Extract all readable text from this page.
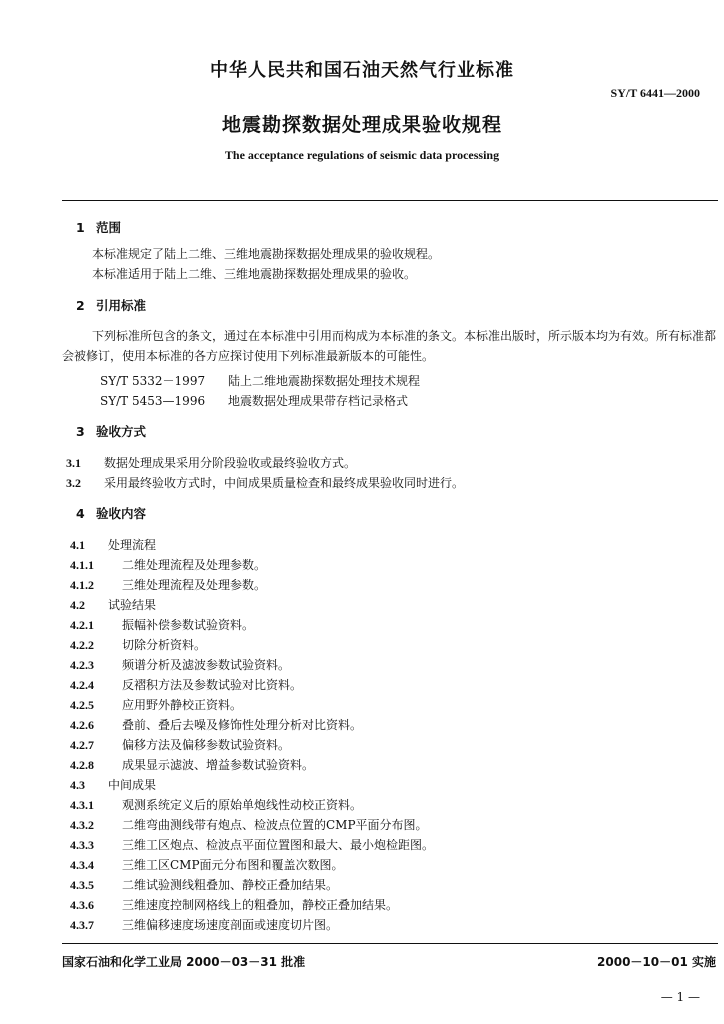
中华人民共和国石油天然气行业标准
SY/T 6441—2000
地震勘探数据处理成果验收规程
The acceptance regulations of seismic data processing
1 范围
本标准规定了陆上二维、三维地震勘探数据处理成果的验收规程。
本标准适用于陆上二维、三维地震勘探数据处理成果的验收。
2 引用标准
下列标准所包含的条文，通过在本标准中引用而构成为本标准的条文。本标准出版时，所示版本均为有效。所有标准都会被修订，使用本标准的各方应探讨使用下列标准最新版本的可能性。
SY/T 5332－1997 陆上二维地震勘探数据处理技术规程
SY/T 5453—1996 地震数据处理成果带存档记录格式
3 验收方式
3.1 数据处理成果采用分阶段验收或最终验收方式。
3.2 采用最终验收方式时，中间成果质量检查和最终成果验收同时进行。
4 验收内容
4.1 处理流程
4.1.1 二维处理流程及处理参数。
4.1.2 三维处理流程及处理参数。
4.2 试验结果
4.2.1 振幅补偿参数试验资料。
4.2.2 切除分析资料。
4.2.3 频谱分析及滤波参数试验资料。
4.2.4 反褶积方法及参数试验对比资料。
4.2.5 应用野外静校正资料。
4.2.6 叠前、叠后去噪及修饰性处理分析对比资料。
4.2.7 偏移方法及偏移参数试验资料。
4.2.8 成果显示滤波、增益参数试验资料。
4.3 中间成果
4.3.1 观测系统定义后的原始单炮线性动校正资料。
4.3.2 二维弯曲测线带有炮点、检波点位置的CMP平面分布图。
4.3.3 三维工区炮点、检波点平面位置图和最大、最小炮检距图。
4.3.4 三维工区CMP面元分布图和覆盖次数图。
4.3.5 二维试验测线粗叠加、静校正叠加结果。
4.3.6 三维速度控制网格线上的粗叠加，静校正叠加结果。
4.3.7 三维偏移速度场速度剖面或速度切片图。
国家石油和化学工业局 2000－03－31 批准	2000－10－01 实施
— 1 —
